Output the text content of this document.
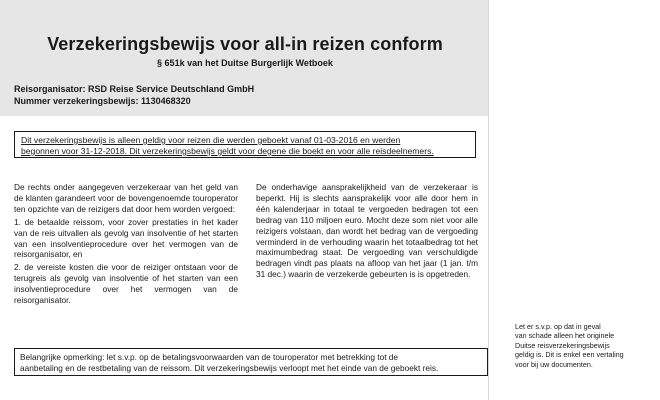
Verzekeringsbewijs voor all-in reizen conform
§ 651k van het Duitse Burgerlijk Wetboek
Reisorganisator: RSD Reise Service Deutschland GmbH
Nummer verzekeringsbewijs: 1130468320
Dit verzekeringsbewijs is alleen geldig voor reizen die werden geboekt vanaf 01-03-2016 en werden
begonnen voor 31-12-2018. Dit verzekeringsbewijs geldt voor degene die boekt en voor alle reisdeelnemers.

De rechts onder aangegeven verzekeraar van het geld van de klanten garandeert voor de bovengenoemde touroperator ten opzichte van de reizigers dat door hem worden vergoed:

1. de betaalde reissom, voor zover prestaties in het kader van de reis uitvallen als gevolg van insolventie of het starten van een insolventieprocedure over het vermogen van de reisorganisator, en

2. de vereiste kosten die voor de reiziger ontstaan voor de terugreis als gevolg van insolventie of het starten van een insolventieprocedure over het vermogen van de reisorganisator.

De onderhavige aansprakelijkheid van de verzekeraar is beperkt. Hij is slechts aansprakelijk voor alle door hem in één kalenderjaar in totaal te vergoeden bedragen tot een bedrag van 110 miljoen euro. Mocht deze som niet voor alle reizigers volstaan, dan wordt het bedrag van de vergoeding verminderd in de verhouding waarin het totaalbedrag tot het maximumbedrag staat. De vergoeding van verschuldigde bedragen vindt pas plaats na afloop van het jaar (1 jan. t/m 31 dec.) waarin de verzekerde gebeurten is is opgetreden.

Belangrijke opmerking: let s.v.p. op de betalingsvoorwaarden van de touroperator met betrekking tot de
aanbetaling en de restbetaling van de reissom. Dit verzekeringsbewijs verloopt met het einde van de geboekt reis.
Let er s.v.p. op dat in geval
van schade alleen het originele
Duitse reisverzekeringsbewijs
geldig is. Dit is enkel een vertaling
voor bij uw documenten.
